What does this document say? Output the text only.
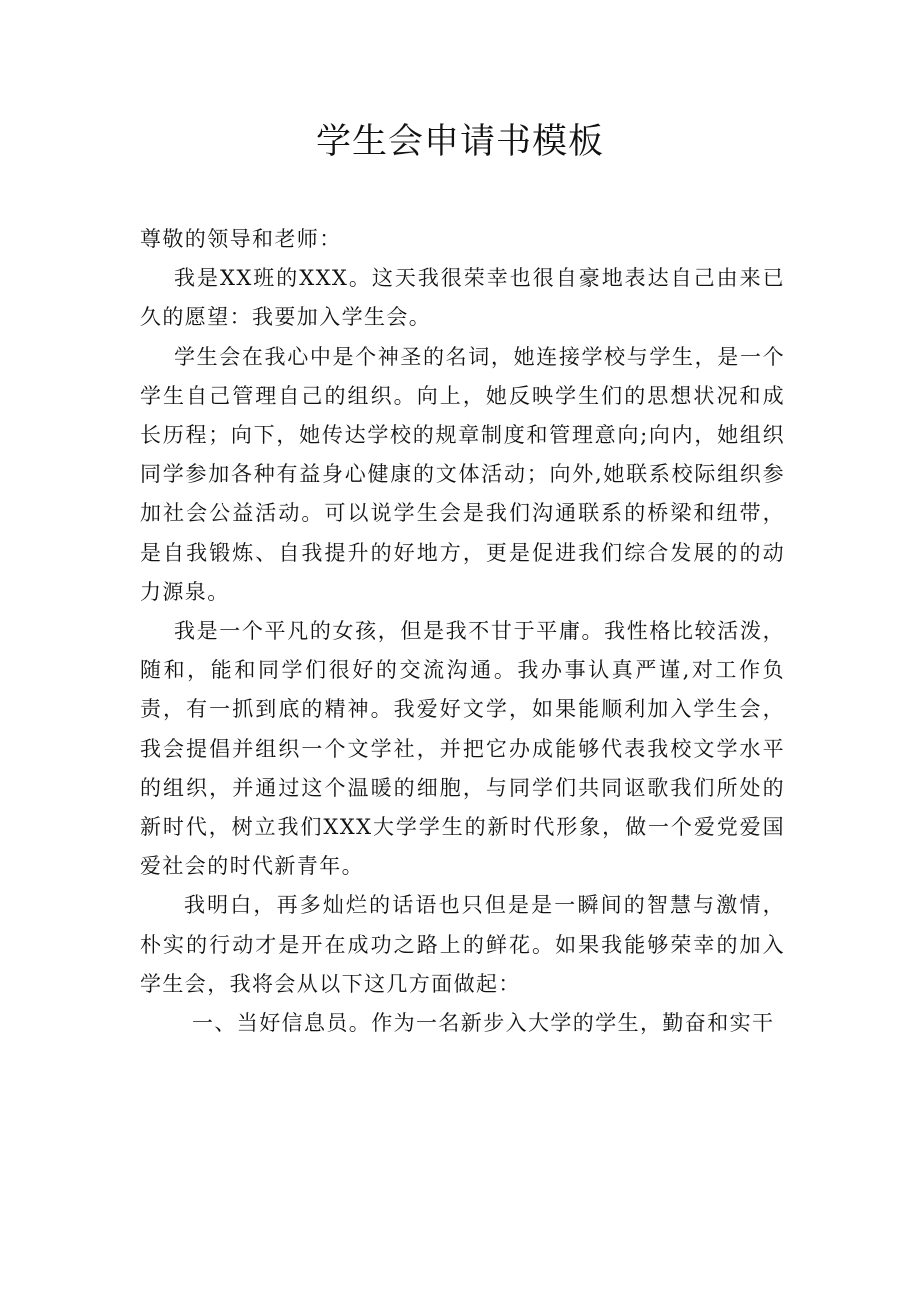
学生会申请书模板

尊敬的领导和老师：

我是XX班的XXX。这天我很荣幸也很自豪地表达自己由来已久的愿望：我要加入学生会。

学生会在我心中是个神圣的名词，她连接学校与学生，是一个学生自己管理自己的组织。向上，她反映学生们的思想状况和成长历程；向下，她传达学校的规章制度和管理意向;向内，她组织同学参加各种有益身心健康的文体活动；向外,她联系校际组织参加社会公益活动。可以说学生会是我们沟通联系的桥梁和纽带，是自我锻炼、自我提升的好地方，更是促进我们综合发展的的动力源泉。

我是一个平凡的女孩，但是我不甘于平庸。我性格比较活泼，随和，能和同学们很好的交流沟通。我办事认真严谨,对工作负责，有一抓到底的精神。我爱好文学，如果能顺利加入学生会，我会提倡并组织一个文学社，并把它办成能够代表我校文学水平的组织，并通过这个温暖的细胞，与同学们共同讴歌我们所处的新时代，树立我们XXX大学学生的新时代形象，做一个爱党爱国爱社会的时代新青年。

我明白，再多灿烂的话语也只但是是一瞬间的智慧与激情，朴实的行动才是开在成功之路上的鲜花。如果我能够荣幸的加入学生会，我将会从以下这几方面做起：

一、当好信息员。作为一名新步入大学的学生，勤奋和实干
